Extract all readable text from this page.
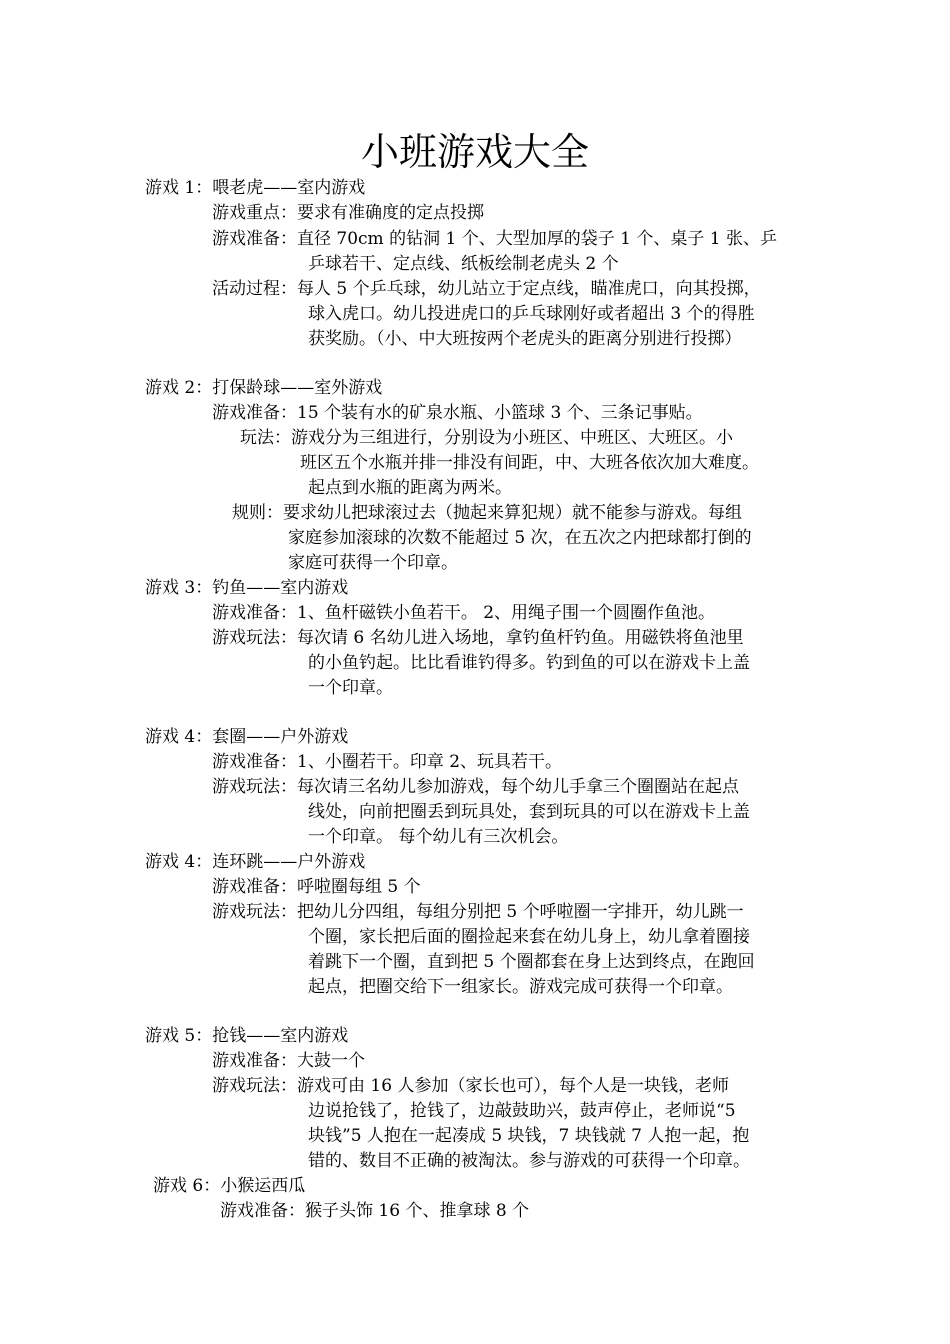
小班游戏大全
游戏 1：喂老虎——室内游戏
游戏重点：要求有准确度的定点投掷
游戏准备：直径 70cm 的钻洞 1 个、大型加厚的袋子 1 个、桌子 1 张、乒
乒球若干、定点线、纸板绘制老虎头 2 个
活动过程：每人 5 个乒乓球，幼儿站立于定点线，瞄准虎口，向其投掷，
球入虎口。幼儿投进虎口的乒乓球刚好或者超出 3 个的得胜
获奖励。（小、中大班按两个老虎头的距离分别进行投掷）
游戏 2：打保龄球——室外游戏
游戏准备：15 个装有水的矿泉水瓶、小篮球 3 个、三条记事贴。
玩法：游戏分为三组进行，分别设为小班区、中班区、大班区。小
班区五个水瓶并排一排没有间距，中、大班各依次加大难度。
起点到水瓶的距离为两米。
规则：要求幼儿把球滚过去（抛起来算犯规）就不能参与游戏。每组
家庭参加滚球的次数不能超过 5 次，在五次之内把球都打倒的
家庭可获得一个印章。
游戏 3：钓鱼——室内游戏
游戏准备：1、鱼杆磁铁小鱼若干。 2、用绳子围一个圆圈作鱼池。
游戏玩法：每次请 6 名幼儿进入场地，拿钓鱼杆钓鱼。用磁铁将鱼池里
的小鱼钓起。比比看谁钓得多。钓到鱼的可以在游戏卡上盖
一个印章。
游戏 4：套圈——户外游戏
游戏准备：1、小圈若干。印章 2、玩具若干。
游戏玩法：每次请三名幼儿参加游戏，每个幼儿手拿三个圈圈站在起点
线处，向前把圈丢到玩具处，套到玩具的可以在游戏卡上盖
一个印章。 每个幼儿有三次机会。
游戏 4：连环跳——户外游戏
游戏准备：呼啦圈每组 5 个
游戏玩法：把幼儿分四组，每组分别把 5 个呼啦圈一字排开，幼儿跳一
个圈，家长把后面的圈捡起来套在幼儿身上，幼儿拿着圈接
着跳下一个圈，直到把 5 个圈都套在身上达到终点，在跑回
起点，把圈交给下一组家长。游戏完成可获得一个印章。
游戏 5：抢钱——室内游戏
游戏准备：大鼓一个
游戏玩法：游戏可由 16 人参加（家长也可），每个人是一块钱，老师
边说抢钱了，抢钱了，边敲鼓助兴，鼓声停止，老师说“5
块钱”5 人抱在一起凑成 5 块钱，7 块钱就 7 人抱一起，抱
错的、数目不正确的被淘汰。参与游戏的可获得一个印章。
游戏 6：小猴运西瓜
游戏准备：猴子头饰 16 个、推拿球 8 个
